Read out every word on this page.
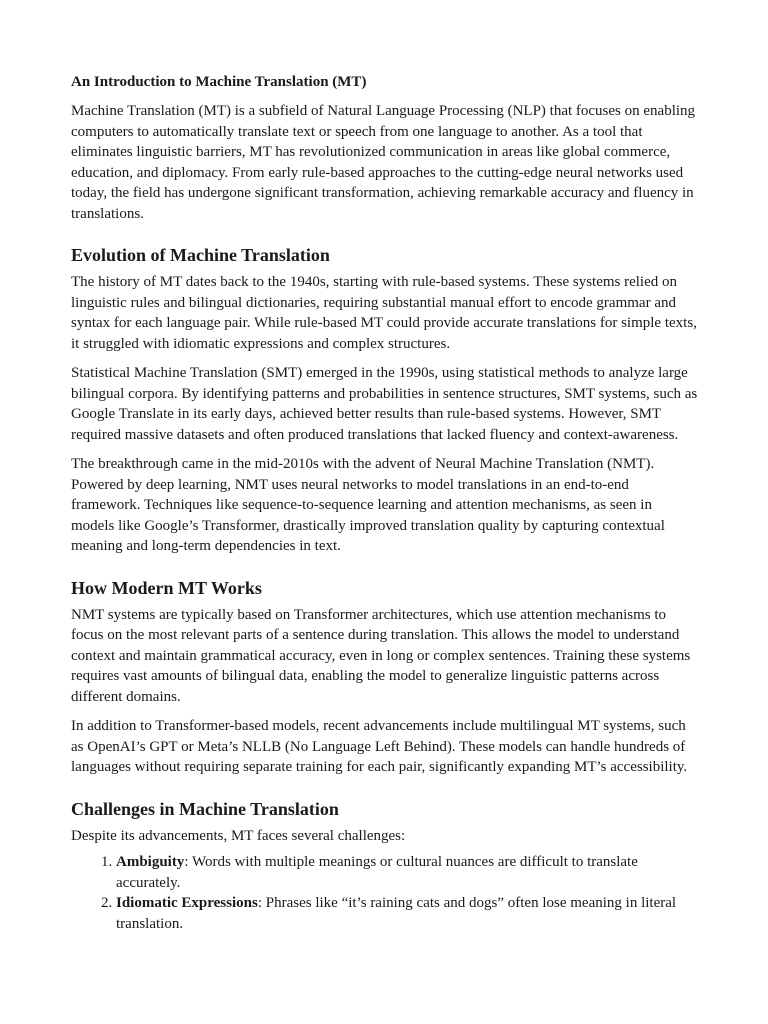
An Introduction to Machine Translation (MT)

Machine Translation (MT) is a subfield of Natural Language Processing (NLP) that focuses on enabling computers to automatically translate text or speech from one language to another. As a tool that eliminates linguistic barriers, MT has revolutionized communication in areas like global commerce, education, and diplomacy. From early rule-based approaches to the cutting-edge neural networks used today, the field has undergone significant transformation, achieving remarkable accuracy and fluency in translations.

Evolution of Machine Translation

The history of MT dates back to the 1940s, starting with rule-based systems. These systems relied on linguistic rules and bilingual dictionaries, requiring substantial manual effort to encode grammar and syntax for each language pair. While rule-based MT could provide accurate translations for simple texts, it struggled with idiomatic expressions and complex structures.

Statistical Machine Translation (SMT) emerged in the 1990s, using statistical methods to analyze large bilingual corpora. By identifying patterns and probabilities in sentence structures, SMT systems, such as Google Translate in its early days, achieved better results than rule-based systems. However, SMT required massive datasets and often produced translations that lacked fluency and context-awareness.

The breakthrough came in the mid-2010s with the advent of Neural Machine Translation (NMT). Powered by deep learning, NMT uses neural networks to model translations in an end-to-end framework. Techniques like sequence-to-sequence learning and attention mechanisms, as seen in models like Google’s Transformer, drastically improved translation quality by capturing contextual meaning and long-term dependencies in text.

How Modern MT Works

NMT systems are typically based on Transformer architectures, which use attention mechanisms to focus on the most relevant parts of a sentence during translation. This allows the model to understand context and maintain grammatical accuracy, even in long or complex sentences. Training these systems requires vast amounts of bilingual data, enabling the model to generalize linguistic patterns across different domains.

In addition to Transformer-based models, recent advancements include multilingual MT systems, such as OpenAI’s GPT or Meta’s NLLB (No Language Left Behind). These models can handle hundreds of languages without requiring separate training for each pair, significantly expanding MT’s accessibility.

Challenges in Machine Translation

Despite its advancements, MT faces several challenges:

1. Ambiguity: Words with multiple meanings or cultural nuances are difficult to translate accurately.
2. Idiomatic Expressions: Phrases like “it’s raining cats and dogs” often lose meaning in literal translation.
